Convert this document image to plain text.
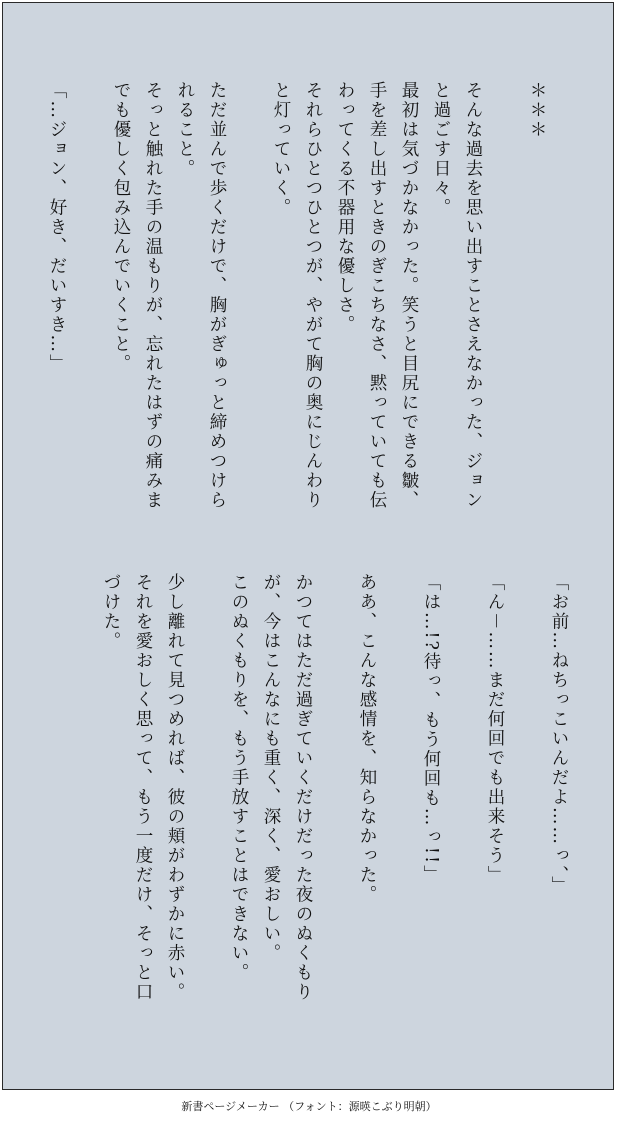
＊＊＊

そんな過去を思い出すことさえなかった、ジョン
と過ごす日々。
最初は気づかなかった。笑うと目尻にできる皺、
手を差し出すときのぎこちなさ、黙っていても伝
わってくる不器用な優しさ。
それらひとつひとつが、やがて胸の奥にじんわり
と灯っていく。

ただ並んで歩くだけで、胸がぎゅっと締めつけら
れること。
そっと触れた手の温もりが、忘れたはずの痛みま
でも優しく包み込んでいくこと。

「…ジョン、好き、だいすき…」

「お前…ねちっこいんだよ……っ、」

「ん－……まだ何回でも出来そう」

「は…!?待っ、もう何回も…っ!!」

ああ、こんな感情を、知らなかった。

かつてはただ過ぎていくだけだった夜のぬくもり
が、今はこんなにも重く、深く、愛おしい。
このぬくもりを、もう手放すことはできない。

少し離れて見つめれば、彼の頬がわずかに赤い。
それを愛おしく思って、もう一度だけ、そっと口
づけた。

新書ページメーカー （フォント：源暎こぶり明朝）
